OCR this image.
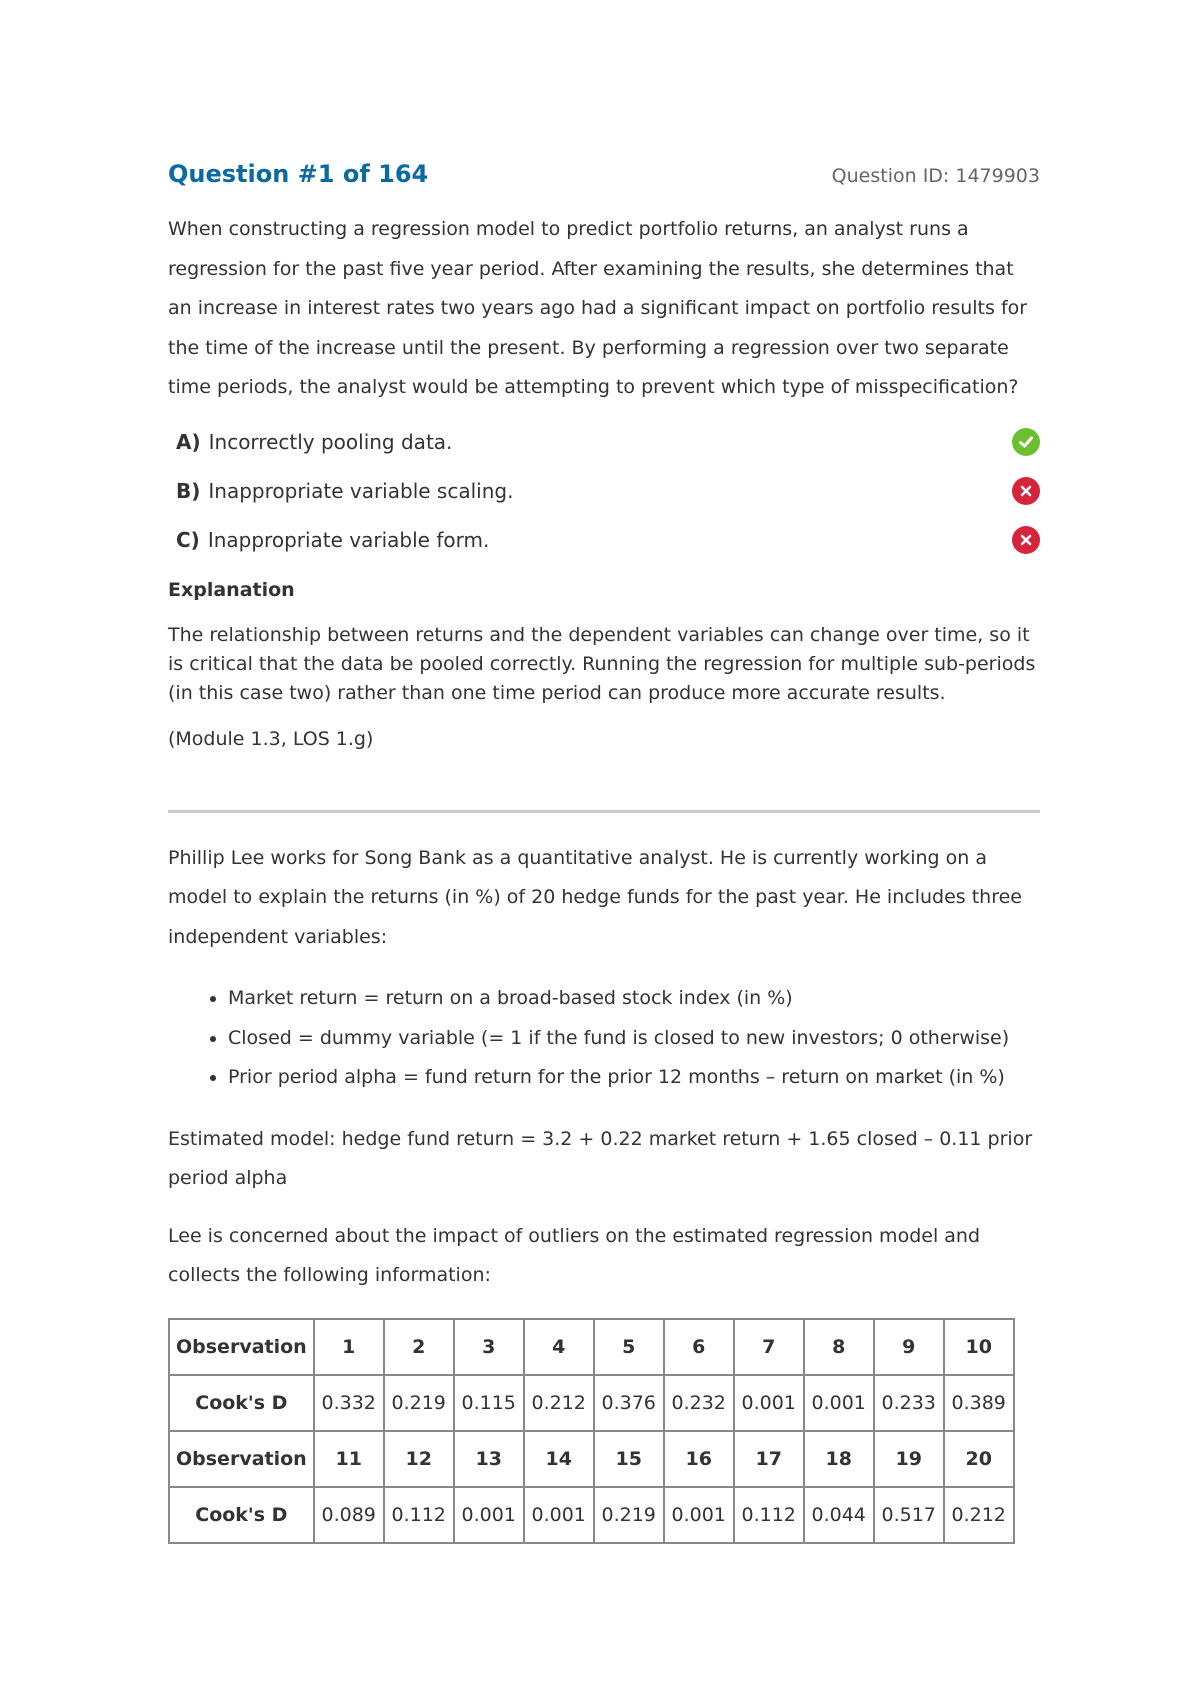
Question #1 of 164	Question ID: 1479903

When constructing a regression model to predict portfolio returns, an analyst runs a regression for the past five year period. After examining the results, she determines that an increase in interest rates two years ago had a significant impact on portfolio results for the time of the increase until the present. By performing a regression over two separate time periods, the analyst would be attempting to prevent which type of misspecification?

A) Incorrectly pooling data.
B) Inappropriate variable scaling.
C) Inappropriate variable form.
Explanation
The relationship between returns and the dependent variables can change over time, so it is critical that the data be pooled correctly. Running the regression for multiple sub-periods (in this case two) rather than one time period can produce more accurate results.
(Module 1.3, LOS 1.g)

Phillip Lee works for Song Bank as a quantitative analyst. He is currently working on a model to explain the returns (in %) of 20 hedge funds for the past year. He includes three independent variables:

• Market return = return on a broad-based stock index (in %)
• Closed = dummy variable (= 1 if the fund is closed to new investors; 0 otherwise)
• Prior period alpha = fund return for the prior 12 months – return on market (in %)

Estimated model: hedge fund return = 3.2 + 0.22 market return + 1.65 closed – 0.11 prior period alpha

Lee is concerned about the impact of outliers on the estimated regression model and collects the following information:

Observation	1	2	3	4	5	6	7	8	9	10
Cook's D	0.332	0.219	0.115	0.212	0.376	0.232	0.001	0.001	0.233	0.389
Observation	11	12	13	14	15	16	17	18	19	20
Cook's D	0.089	0.112	0.001	0.001	0.219	0.001	0.112	0.044	0.517	0.212
